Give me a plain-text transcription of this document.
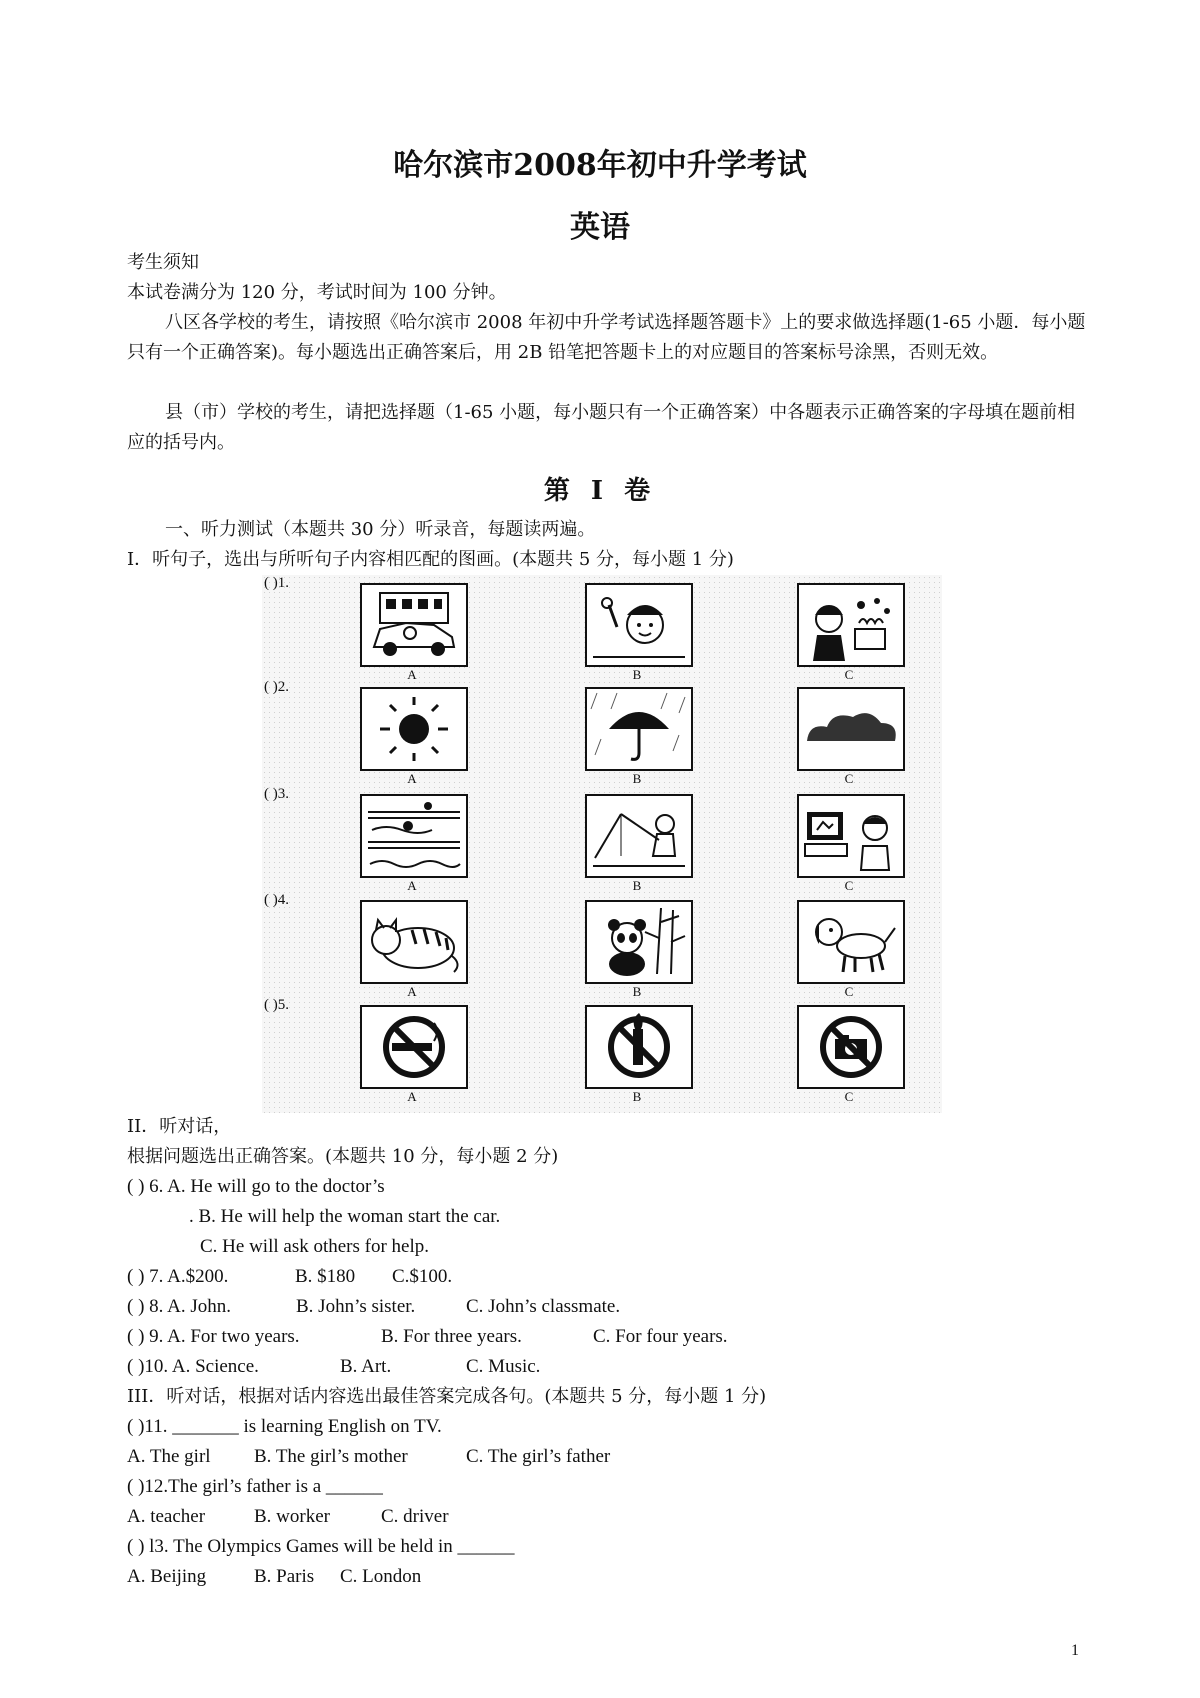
哈尔滨市2008年初中升学考试
英语
考生须知
本试卷满分为 120 分，考试时间为 100 分钟。
八区各学校的考生，请按照《哈尔滨市 2008 年初中升学考试选择题答题卡》上的要求做选择题(1-65 小题．每小题只有一个正确答案)。每小题选出正确答案后，用 2B 铅笔把答题卡上的对应题目的答案标号涂黑，否则无效。
县（市）学校的考生，请把选择题（1-65 小题，每小题只有一个正确答案）中各题表示正确答案的字母填在题前相应的括号内。
第 I 卷
一、听力测试（本题共 30 分）听录音，每题读两遍。
I．听句子，选出与所听句子内容相匹配的图画。(本题共 5 分，每小题 1 分)
( )1.
A	B	C
( )2.
A	B	C
( )3.
A	B	C
( )4.
A	B	C
( )5.
A	B	C
II．听对话，
根据问题选出正确答案。(本题共 10 分，每小题 2 分)
( ) 6. A. He will go to the doctor’s
. B. He will help the woman start the car.
C. He will ask others for help.
( ) 7. A.$200.	B. $180 C.$100.
( ) 8. A. John.	B. John’s sister.	C. John’s classmate.
( ) 9. A. For two years.	B. For three years.	C. For four years.
( )10. A. Science.	B. Art.	C. Music.
III．听对话，根据对话内容选出最佳答案完成各句。(本题共 5 分，每小题 1 分)
( )11. _______ is learning English on TV.
A. The girl B. The girl’s mother	C. The girl’s father
( )12.The girl’s father is a ______
A. teacher	B. worker	C. driver
( ) l3. The Olympics Games will be held in ______
A. Beijing	B. Paris C. London
1
